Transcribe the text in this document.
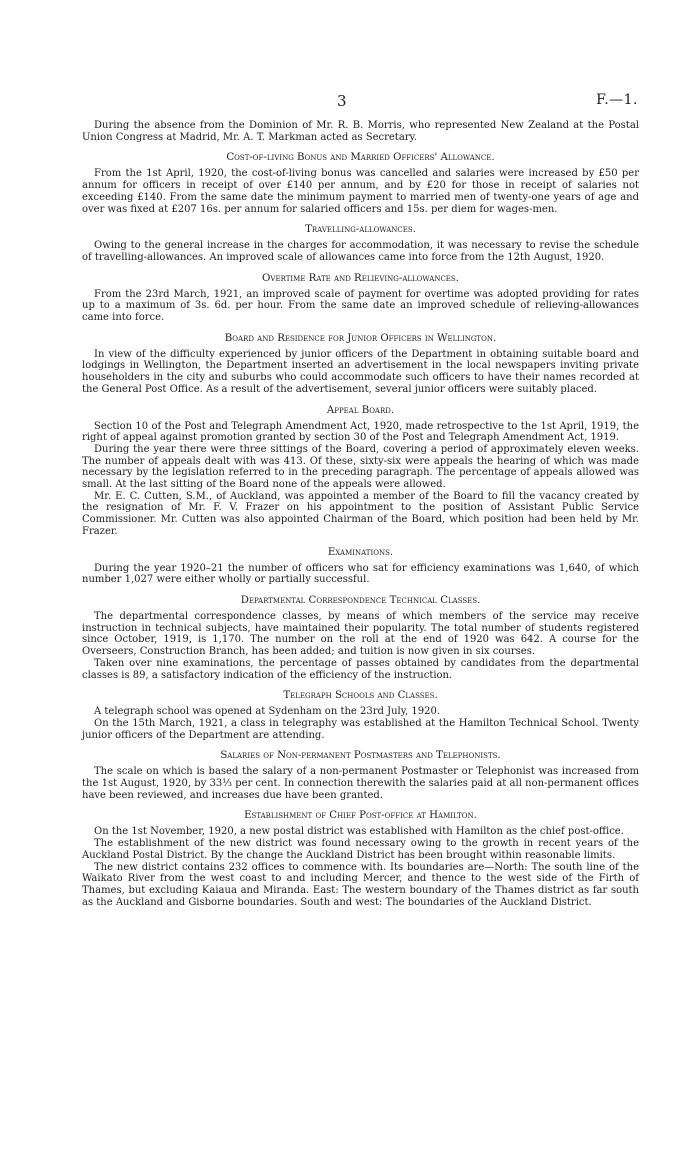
3	F.—1.

During the absence from the Dominion of Mr. R. B. Morris, who represented New Zealand at the Postal Union Congress at Madrid, Mr. A. T. Markman acted as Secretary.

Cost-of-living Bonus and Married Officers' Allowance.

From the 1st April, 1920, the cost-of-living bonus was cancelled and salaries were increased by £50 per annum for officers in receipt of over £140 per annum, and by £20 for those in receipt of salaries not exceeding £140. From the same date the minimum payment to married men of twenty-one years of age and over was fixed at £207 16s. per annum for salaried officers and 15s. per diem for wages-men.

Travelling-allowances.

Owing to the general increase in the charges for accommodation, it was necessary to revise the schedule of travelling-allowances. An improved scale of allowances came into force from the 12th August, 1920.

Overtime Rate and Relieving-allowances.

From the 23rd March, 1921, an improved scale of payment for overtime was adopted providing for rates up to a maximum of 3s. 6d. per hour. From the same date an improved schedule of relieving-allowances came into force.

Board and Residence for Junior Officers in Wellington.

In view of the difficulty experienced by junior officers of the Department in obtaining suitable board and lodgings in Wellington, the Department inserted an advertisement in the local newspapers inviting private householders in the city and suburbs who could accommodate such officers to have their names recorded at the General Post Office. As a result of the advertisement, several junior officers were suitably placed.

Appeal Board.

Section 10 of the Post and Telegraph Amendment Act, 1920, made retrospective to the 1st April, 1919, the right of appeal against promotion granted by section 30 of the Post and Telegraph Amendment Act, 1919.

During the year there were three sittings of the Board, covering a period of approximately eleven weeks. The number of appeals dealt with was 413. Of these, sixty-six were appeals the hearing of which was made necessary by the legislation referred to in the preceding paragraph. The percentage of appeals allowed was small. At the last sitting of the Board none of the appeals were allowed.

Mr. E. C. Cutten, S.M., of Auckland, was appointed a member of the Board to fill the vacancy created by the resignation of Mr. F. V. Frazer on his appointment to the position of Assistant Public Service Commissioner. Mr. Cutten was also appointed Chairman of the Board, which position had been held by Mr. Frazer.

Examinations.

During the year 1920–21 the number of officers who sat for efficiency examinations was 1,640, of which number 1,027 were either wholly or partially successful.

Departmental Correspondence Technical Classes.

The departmental correspondence classes, by means of which members of the service may receive instruction in technical subjects, have maintained their popularity. The total number of students registered since October, 1919, is 1,170. The number on the roll at the end of 1920 was 642. A course for the Overseers, Construction Branch, has been added; and tuition is now given in six courses.

Taken over nine examinations, the percentage of passes obtained by candidates from the departmental classes is 89, a satisfactory indication of the efficiency of the instruction.

Telegraph Schools and Classes.

A telegraph school was opened at Sydenham on the 23rd July, 1920.

On the 15th March, 1921, a class in telegraphy was established at the Hamilton Technical School. Twenty junior officers of the Department are attending.

Salaries of Non-permanent Postmasters and Telephonists.

The scale on which is based the salary of a non-permanent Postmaster or Telephonist was increased from the 1st August, 1920, by 33⅓ per cent. In connection therewith the salaries paid at all non-permanent offices have been reviewed, and increases due have been granted.

Establishment of Chief Post-office at Hamilton.

On the 1st November, 1920, a new postal district was established with Hamilton as the chief post-office.

The establishment of the new district was found necessary owing to the growth in recent years of the Auckland Postal District. By the change the Auckland District has been brought within reasonable limits.

The new district contains 232 offices to commence with. Its boundaries are—North: The south line of the Waikato River from the west coast to and including Mercer, and thence to the west side of the Firth of Thames, but excluding Kaiaua and Miranda. East: The western boundary of the Thames district as far south as the Auckland and Gisborne boundaries. South and west: The boundaries of the Auckland District.
